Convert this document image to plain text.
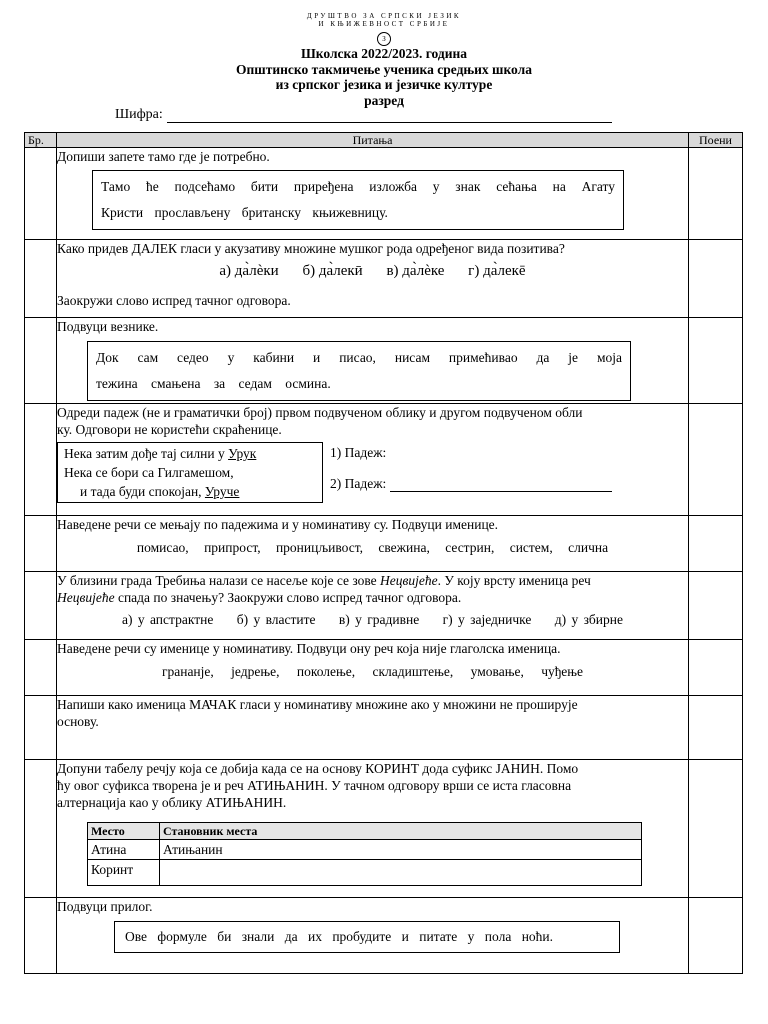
ДРУШТВО ЗА СРПСКИ ЈЕЗИК
И КЊИЖЕВНОСТ СРБИЈЕ
З
Школска 2022/2023. година
Општинско такмичење ученика средњих школа
из српског језика и језичке културе
разред
Шифра:
Бр.	Питања	Поени

Допиши запете тамо где је потребно.
Тамо ће подсећамо бити приређена изложба у знак сећања на Агату
Кристи прослављену британску књижевницу.

Како придев ДАЛЕК гласи у акузативу множине мушког рода одређеног вида позитива?
а) да̀лѐки б) да̀лекӣ в) да̀лѐке г) да̀лекē
Заокружи слово испред тачног одговора.

Подвуци везнике.
Док сам седео у кабини и писао, нисам примећивао да је моја
тежина смањена за седам осмина.

Одреди падеж (не и граматички број) првом подвученом облику и другом подвученом обли
ку. Одговори не користећи скраћенице.
Нека затим дође тај силни у Урук
Нека се бори са Гилгамешом,
и тада буди спокојан, Уруче
1) Падеж:
2) Падеж:

Наведене речи се мењају по падежима и у номинативу су. Подвуци именице.
помисао, припрост, проницљивост, свежина, сестрин, систем, слична

У близини града Требиња налази се насеље које се зове Нецвијеће. У коју врсту именица реч
Нецвијеће спада по значењу? Заокружи слово испред тачног одговора.
а) у апстрактне б) у властите в) у градивне г) у заједничке д) у збирне

Наведене речи су именице у номинативу. Подвуци ону реч која није глаголска именица.
грананје, једрење, поколење, складиштење, умовање, чуђење

Напиши како именица МАЧАК гласи у номинативу множине ако у множини не проширује
основу.

Допуни табелу речју која се добија када се на основу КОРИНТ дода суфикс ЈАНИН. Помо
ћу овог суфикса творена је и реч АТИЊАНИН. У тачном одговору врши се иста гласовна
алтернација као у облику АТИЊАНИН.
Место	Становник места
Атина	Атињанин
Коринт	

Подвуци прилог.
Ове формуле би знали да их пробудите и питате у пола ноћи.
